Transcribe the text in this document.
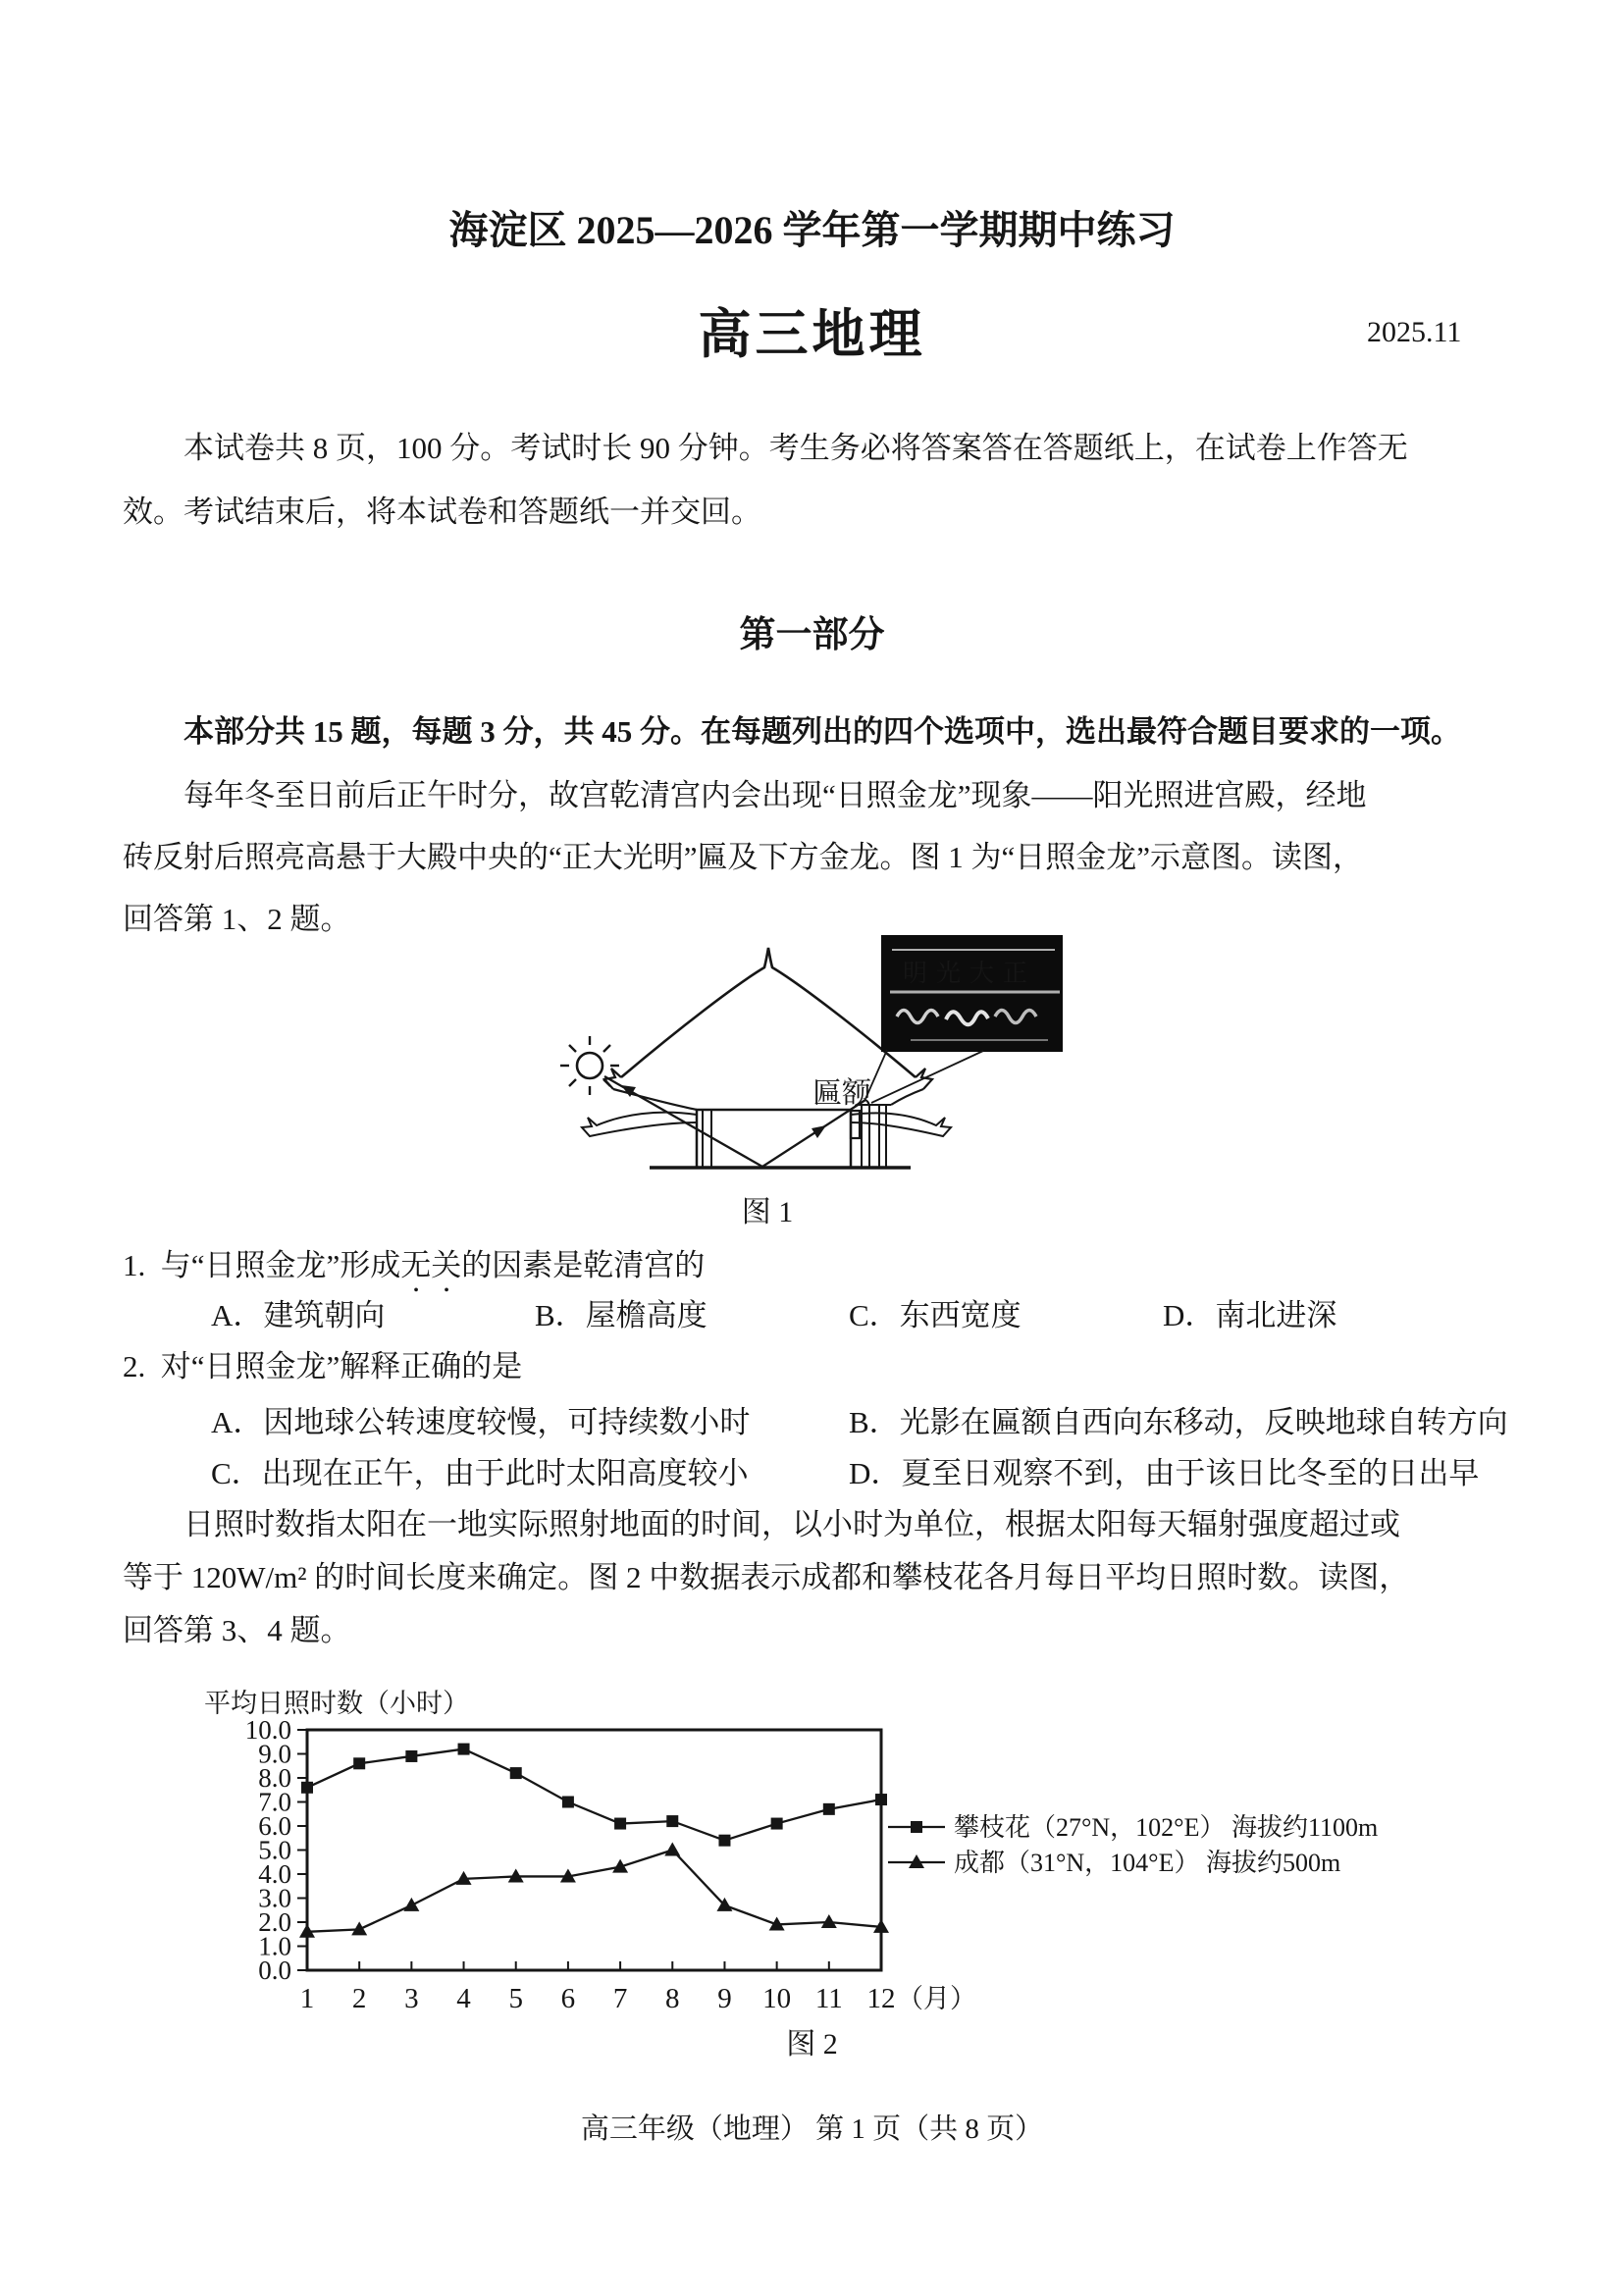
海淀区 2025—2026 学年第一学期期中练习
高三地理	2025.11
本试卷共 8 页，100 分。考试时长 90 分钟。考生务必将答案答在答题纸上，在试卷上作答无
效。考试结束后，将本试卷和答题纸一并交回。
第一部分
本部分共 15 题，每题 3 分，共 45 分。在每题列出的四个选项中，选出最符合题目要求的一项。
每年冬至日前后正午时分，故宫乾清宫内会出现“日照金龙”现象——阳光照进宫殿，经地
砖反射后照亮高悬于大殿中央的“正大光明”匾及下方金龙。图 1 为“日照金龙”示意图。读图，
回答第 1、2 题。
明光大正
匾额
图 1
1.  与“日照金龙”形成无关的因素是乾清宫的
A．建筑朝向	B．屋檐高度	C．东西宽度	D．南北进深
2.  对“日照金龙”解释正确的是
A．因地球公转速度较慢，可持续数小时	B．光影在匾额自西向东移动，反映地球自转方向
C．出现在正午，由于此时太阳高度较小	D．夏至日观察不到，由于该日比冬至的日出早
日照时数指太阳在一地实际照射地面的时间，以小时为单位，根据太阳每天辐射强度超过或
等于 120W/m² 的时间长度来确定。图 2 中数据表示成都和攀枝花各月每日平均日照时数。读图，
回答第 3、4 题。
0.0
1.0
2.0
3.0
4.0
5.0
6.0
7.0
8.0
9.0
10.0
1 2 3 4 5 6 7 8 9 10 11 12 （月）
平均日照时数（小时）
攀枝花（27°N，102°E） 海拔约1100m
成都（31°N，104°E） 海拔约500m
图 2
高三年级（地理） 第 1 页（共 8 页）
